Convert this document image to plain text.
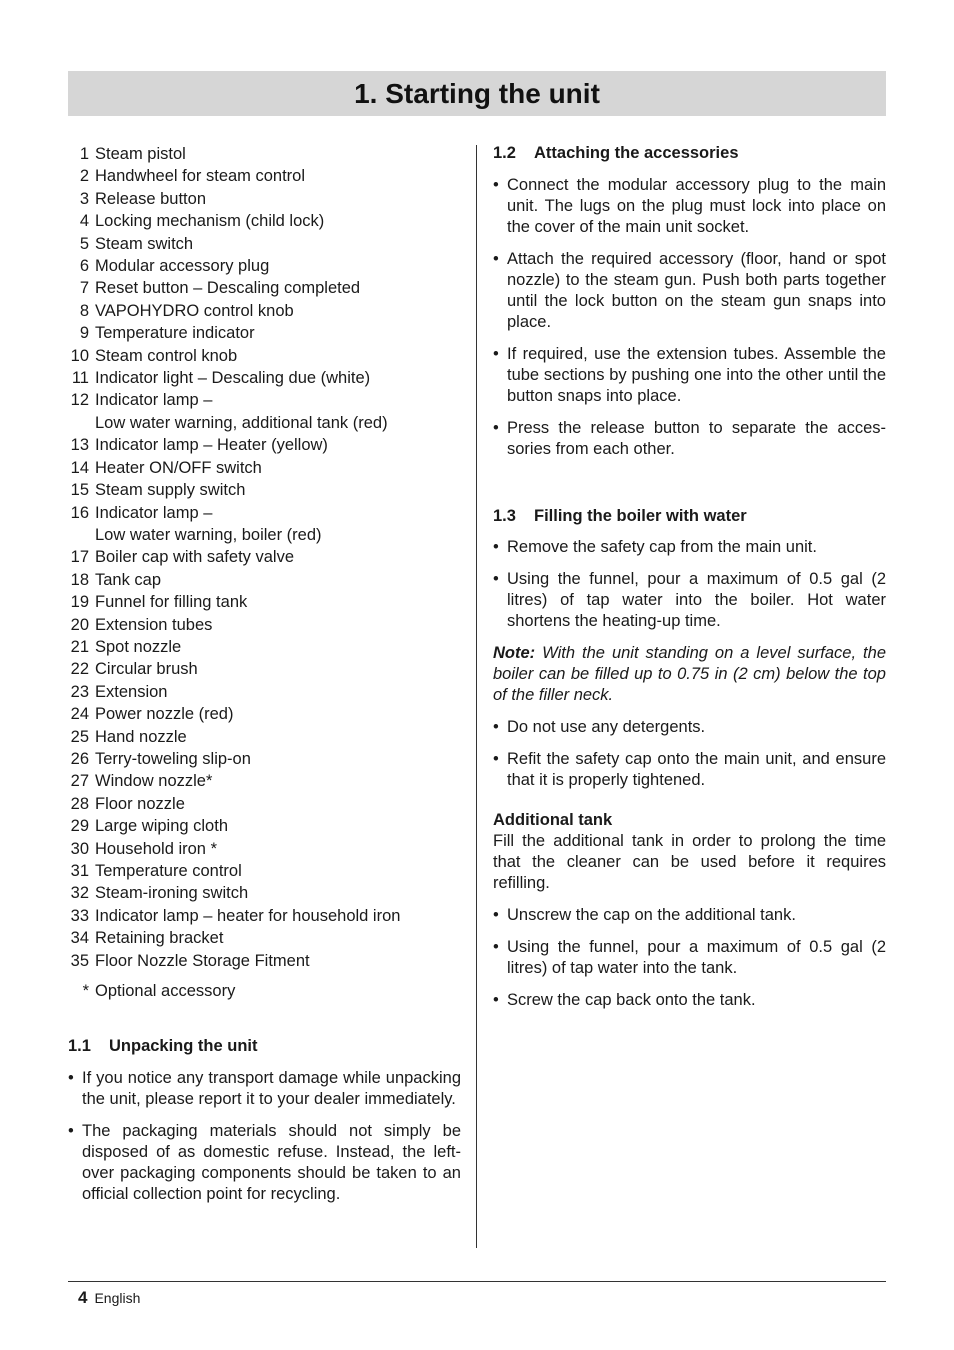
1. Starting the unit
1 Steam pistol
2 Handwheel for steam control
3 Release button
4 Locking mechanism (child lock)
5 Steam switch
6 Modular accessory plug
7 Reset button – Descaling completed
8 VAPOHYDRO control knob
9 Temperature indicator
10 Steam control knob
11 Indicator light – Descaling due (white)
12 Indicator lamp –
Low water warning, additional tank (red)
13 Indicator lamp – Heater (yellow)
14 Heater ON/OFF switch
15 Steam supply switch
16 Indicator lamp –
Low water warning, boiler (red)
17 Boiler cap with safety valve
18 Tank cap
19 Funnel for filling tank
20 Extension tubes
21 Spot nozzle
22 Circular brush
23 Extension
24 Power nozzle (red)
25 Hand nozzle
26 Terry-toweling slip-on
27 Window nozzle*
28 Floor nozzle
29 Large wiping cloth
30 Household iron *
31 Temperature control
32 Steam-ironing switch
33 Indicator lamp – heater for household iron
34 Retaining bracket
35 Floor Nozzle Storage Fitment
* Optional accessory
1.1	Unpacking the unit
• If you notice any transport damage while unpacking the unit, please report it to your dealer immediately.
• The packaging materials should not simply be disposed of as domestic refuse. Instead, the left-over packaging components should be taken to an official collection point for recycling.
1.2	Attaching the accessories
• Connect the modular accessory plug to the main unit. The lugs on the plug must lock into place on the cover of the main unit socket.
• Attach the required accessory (floor, hand or spot nozzle) to the steam gun. Push both parts together until the lock button on the steam gun snaps into place.
• If required, use the extension tubes. Assemble the tube sections by pushing one into the other until the button snaps into place.
• Press the release button to separate the acces-sories from each other.
1.3	Filling the boiler with water
• Remove the safety cap from the main unit.
• Using the funnel, pour a maximum of 0.5 gal (2 litres) of tap water into the boiler. Hot water shortens the heating-up time.

Note: With the unit standing on a level surface, the boiler can be filled up to 0.75 in (2 cm) below the top of the filler neck.

• Do not use any detergents.
• Refit the safety cap onto the main unit, and ensure that it is properly tightened.
Additional tank

Fill the additional tank in order to prolong the time that the cleaner can be used before it requires refilling.

• Unscrew the cap on the additional tank.
• Using the funnel, pour a maximum of 0.5 gal (2 litres) of tap water into the tank.
• Screw the cap back onto the tank.
4 English
